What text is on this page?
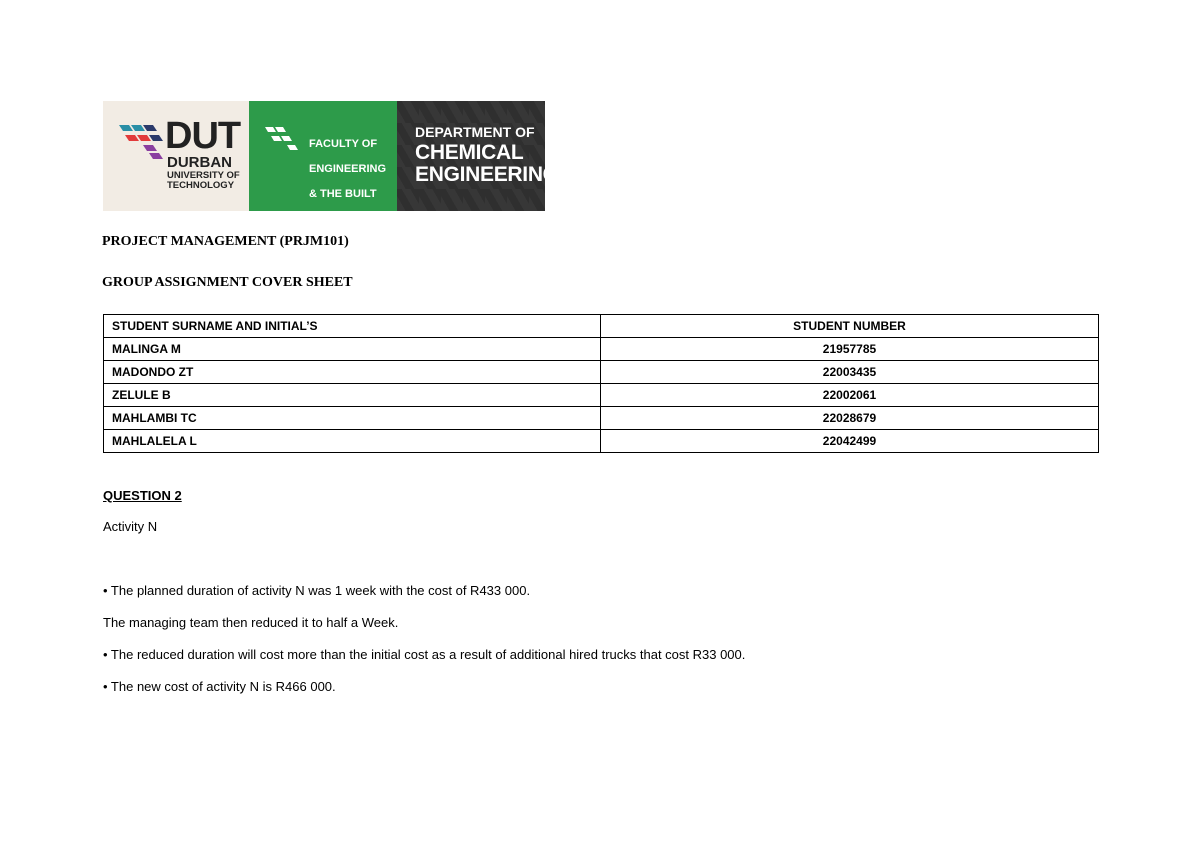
DUT
DURBAN
UNIVERSITY OF
TECHNOLOGY

FACULTY OF

ENGINEERING

& THE BUILT

ENVIRONMENT

DEPARTMENT OF
CHEMICAL
ENGINEERING
PROJECT MANAGEMENT (PRJM101)
GROUP ASSIGNMENT COVER SHEET
STUDENT SURNAME AND INITIAL’S	STUDENT NUMBER
MALINGA M	21957785
MADONDO ZT	22003435
ZELULE B	22002061
MAHLAMBI TC	22028679
MAHLALELA L	22042499
QUESTION 2
Activity N
• The planned duration of activity N was 1 week with the cost of R433 000.
The managing team then reduced it to half a Week.
• The reduced duration will cost more than the initial cost as a result of additional hired trucks that cost R33 000.
• The new cost of activity N is R466 000.
